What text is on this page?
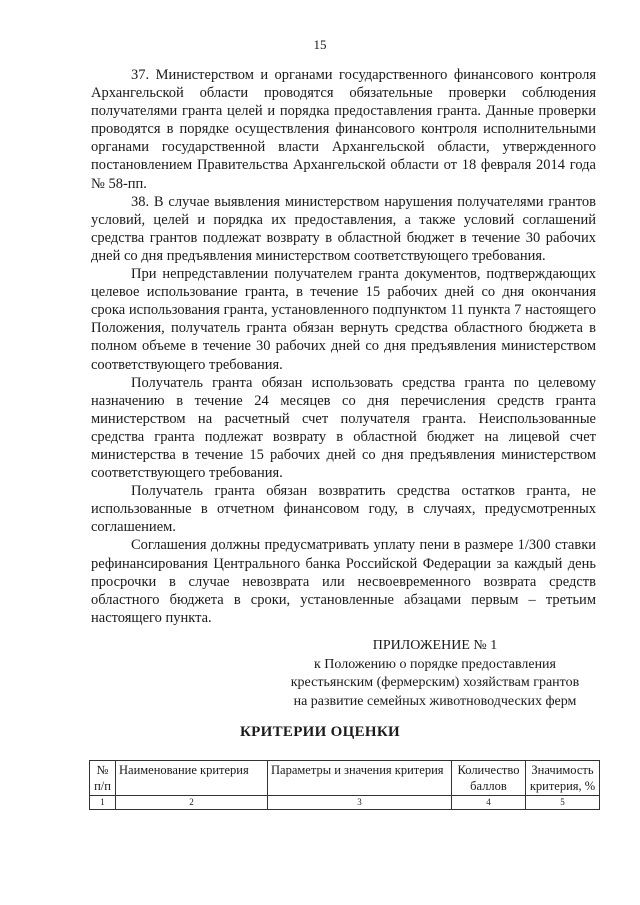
15

37. Министерством и органами государственного финансового контроля Архангельской области проводятся обязательные проверки соблюдения получателями гранта целей и порядка предоставления гранта. Данные проверки проводятся в порядке осуществления финансового контроля исполнительными органами государственной власти Архангельской области, утвержденного постановлением Правительства Архангельской области от 18 февраля 2014 года № 58-пп.

38. В случае выявления министерством нарушения получателями грантов условий, целей и порядка их предоставления, а также условий соглашений средства грантов подлежат возврату в областной бюджет в течение 30 рабочих дней со дня предъявления министерством соответствующего требования.

При непредставлении получателем гранта документов, подтверждающих целевое использование гранта, в течение 15 рабочих дней со дня окончания срока использования гранта, установленного подпунктом 11 пункта 7 настоящего Положения, получатель гранта обязан вернуть средства областного бюджета в полном объеме в течение 30 рабочих дней со дня предъявления министерством соответствующего требования.

Получатель гранта обязан использовать средства гранта по целевому назначению в течение 24 месяцев со дня перечисления средств гранта министерством на расчетный счет получателя гранта. Неиспользованные средства гранта подлежат возврату в областной бюджет на лицевой счет министерства в течение 15 рабочих дней со дня предъявления министерством соответствующего требования.

Получатель гранта обязан возвратить средства остатков гранта, не использованные в отчетном финансовом году, в случаях, предусмотренных соглашением.

Соглашения должны предусматривать уплату пени в размере 1/300 ставки рефинансирования Центрального банка Российской Федерации за каждый день просрочки в случае невозврата или несвоевременного возврата средств областного бюджета в сроки, установленные абзацами первым – третьим настоящего пункта.

ПРИЛОЖЕНИЕ № 1
к Положению о порядке предоставления
крестьянским (фермерским) хозяйствам грантов
на развитие семейных животноводческих ферм
КРИТЕРИИ ОЦЕНКИ
№ п/п	Наименование критерия	Параметры и значения критерия	Количество баллов	Значимость критерия, %
1	2	3	4	5
